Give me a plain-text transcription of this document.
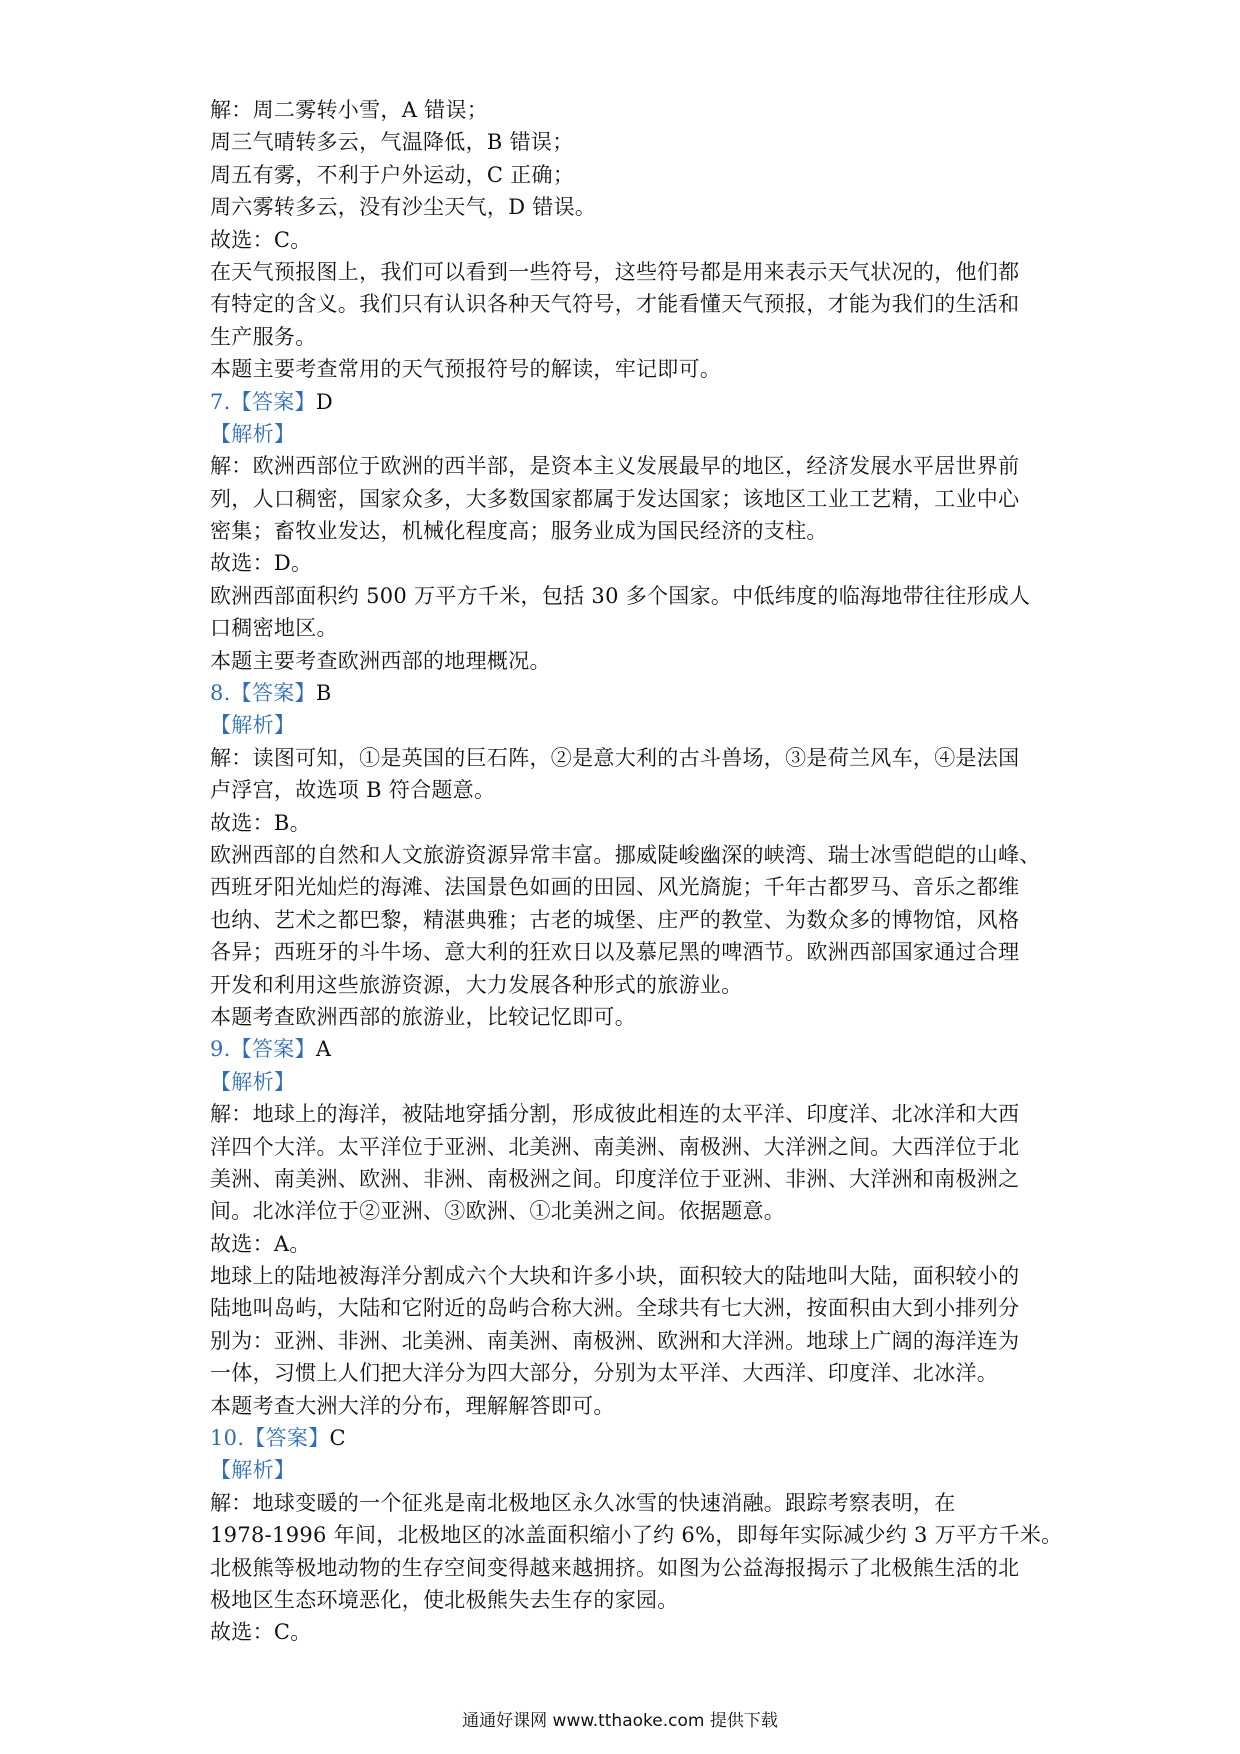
解：周二雾转小雪，A 错误；
周三气晴转多云，气温降低，B 错误；
周五有雾，不利于户外运动，C 正确；
周六雾转多云，没有沙尘天气，D 错误。
故选：C。
在天气预报图上，我们可以看到一些符号，这些符号都是用来表示天气状况的，他们都
有特定的含义。我们只有认识各种天气符号，才能看懂天气预报，才能为我们的生活和
生产服务。
本题主要考查常用的天气预报符号的解读，牢记即可。
7.【答案】D
【解析】
解：欧洲西部位于欧洲的西半部，是资本主义发展最早的地区，经济发展水平居世界前
列，人口稠密，国家众多，大多数国家都属于发达国家；该地区工业工艺精，工业中心
密集；畜牧业发达，机械化程度高；服务业成为国民经济的支柱。
故选：D。
欧洲西部面积约 500 万平方千米，包括 30 多个国家。中低纬度的临海地带往往形成人
口稠密地区。
本题主要考查欧洲西部的地理概况。
8.【答案】B
【解析】
解：读图可知，①是英国的巨石阵，②是意大利的古斗兽场，③是荷兰风车，④是法国
卢浮宫，故选项 B 符合题意。
故选：B。
欧洲西部的自然和人文旅游资源异常丰富。挪威陡峻幽深的峡湾、瑞士冰雪皑皑的山峰、
西班牙阳光灿烂的海滩、法国景色如画的田园、风光旖旎；千年古都罗马、音乐之都维
也纳、艺术之都巴黎，精湛典雅；古老的城堡、庄严的教堂、为数众多的博物馆，风格
各异；西班牙的斗牛场、意大利的狂欢日以及慕尼黑的啤酒节。欧洲西部国家通过合理
开发和利用这些旅游资源，大力发展各种形式的旅游业。
本题考查欧洲西部的旅游业，比较记忆即可。
9.【答案】A
【解析】
解：地球上的海洋，被陆地穿插分割，形成彼此相连的太平洋、印度洋、北冰洋和大西
洋四个大洋。太平洋位于亚洲、北美洲、南美洲、南极洲、大洋洲之间。大西洋位于北
美洲、南美洲、欧洲、非洲、南极洲之间。印度洋位于亚洲、非洲、大洋洲和南极洲之
间。北冰洋位于②亚洲、③欧洲、①北美洲之间。依据题意。
故选：A。
地球上的陆地被海洋分割成六个大块和许多小块，面积较大的陆地叫大陆，面积较小的
陆地叫岛屿，大陆和它附近的岛屿合称大洲。全球共有七大洲，按面积由大到小排列分
别为：亚洲、非洲、北美洲、南美洲、南极洲、欧洲和大洋洲。地球上广阔的海洋连为
一体，习惯上人们把大洋分为四大部分，分别为太平洋、大西洋、印度洋、北冰洋。
本题考查大洲大洋的分布，理解解答即可。
10.【答案】C
【解析】
解：地球变暖的一个征兆是南北极地区永久冰雪的快速消融。跟踪考察表明，在
1978-1996 年间，北极地区的冰盖面积缩小了约 6%，即每年实际减少约 3 万平方千米。
北极熊等极地动物的生存空间变得越来越拥挤。如图为公益海报揭示了北极熊生活的北
极地区生态环境恶化，使北极熊失去生存的家园。
故选：C。
通通好课网 www.tthaoke.com 提供下载
